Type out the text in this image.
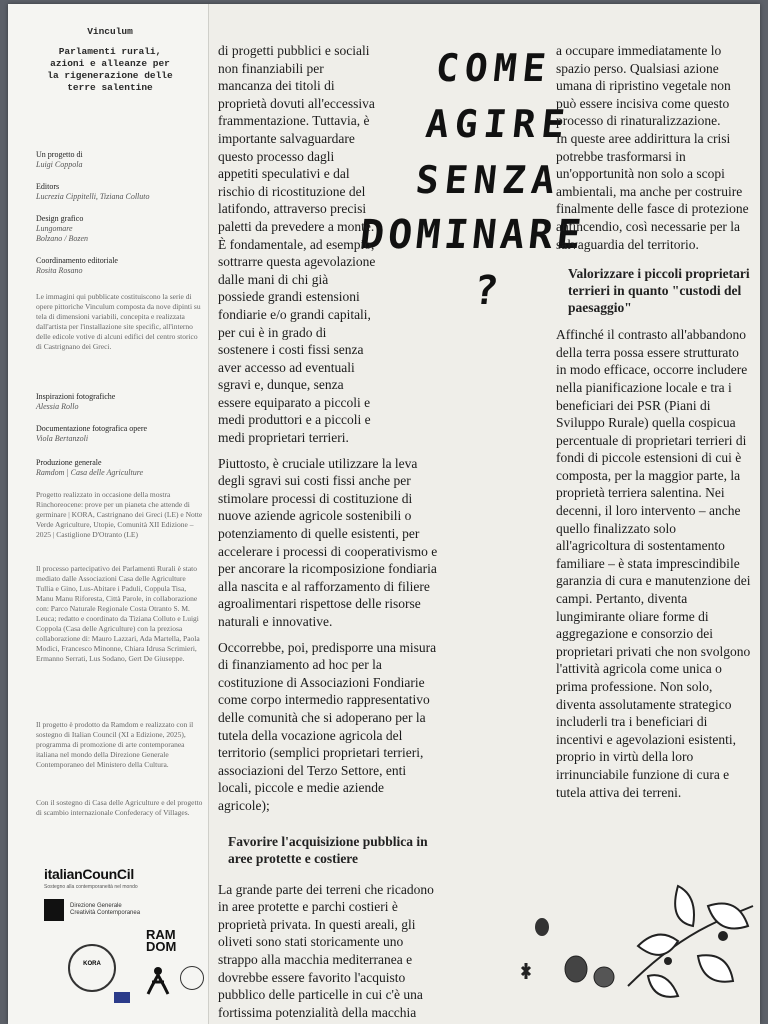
Vinculum
Parlamenti rurali,
azioni e alleanze per
la rigenerazione delle
terre salentine
Un progetto di
Luigi Coppola
Editors
Lucrezia Cippitelli, Tiziana Colluto
Design grafico
Lungomare
Bolzano / Bozen
Coordinamento editoriale
Rosita Rosano
Le immagini qui pubblicate costituiscono la serie di opere pittoriche Vinculum composta da nove dipinti su tela di dimensioni variabili, concepita e realizzata dall'artista per l'installazione site specific, all'interno delle edicole votive di alcuni edifici del centro storico di Castrignano dei Greci.
Inspirazioni fotografiche
Alessia Rollo
Documentazione fotografica opere
Viola Bertanzoli
Produzione generale
Ramdom | Casa delle Agriculture
Progetto realizzato in occasione della mostra Rinchoreocene: prove per un pianeta che attende di germinare | KORA, Castrignano dei Greci (LE) e Notte Verde Agriculture, Utopie, Comunità XII Edizione – 2025 | Castiglione D'Otranto (LE)
Il processo partecipativo dei Parlamenti Rurali è stato mediato dalle Associazioni Casa delle Agriculture Tullia e Gino, Lus-Abitare i Paduli, Coppula Tisa, Manu Manu Riforesta, Città Parole, in collaborazione con: Parco Naturale Regionale Costa Otranto S. M. Leuca; redatto e coordinato da Tiziana Colluto e Luigi Coppola (Casa delle Agriculture) con la preziosa collaborazione di: Mauro Lazzari, Ada Martella, Paola Modici, Francesco Minonne, Chiara Idrusa Scrimieri, Ermanno Serrati, Lus Sodano, Gert De Giuseppe.
Il progetto è prodotto da Ramdom e realizzato con il sostegno di Italian Council (XI a Edizione, 2025), programma di promozione di arte contemporanea italiana nel mondo della Direzione Generale Contemporaneo del Ministero della Cultura.
Con il sostegno di Casa delle Agriculture e del progetto di scambio internazionale Confederacy of Villages.
italianCounCil
Sostegno alla contemporaneità nel mondo
Direzione Generale
Creatività Contemporanea
RAM
DOM
KORA
COME
AGIRE
SENZA
DOMINARE
?

di progetti pubblici e sociali non finanziabili per mancanza dei titoli di proprietà dovuti all'eccessiva frammentazione. Tuttavia, è importante salvaguardare questo processo dagli appetiti speculativi e dal rischio di ricostituzione del latifondo, attraverso precisi paletti da prevedere a monte.
È fondamentale, ad esempio, sottrarre questa agevolazione dalle mani di chi già possiede grandi estensioni fondiarie e/o grandi capitali, per cui è in grado di sostenere i costi fissi senza aver accesso ad eventuali sgravi e, dunque, senza essere equiparato a piccoli e medi produttori e a piccoli e medi proprietari terrieri.

Piuttosto, è cruciale utilizzare la leva degli sgravi sui costi fissi anche per stimolare processi di costituzione di nuove aziende agricole sostenibili o potenziamento di quelle esistenti, per accelerare i processi di cooperativismo e per ancorare la ricomposizione fondiaria alla nascita e al rafforzamento di filiere agroalimentari rispettose delle risorse naturali e innovative.

Occorrebbe, poi, predisporre una misura di finanziamento ad hoc per la costituzione di Associazioni Fondiarie come corpo intermedio rappresentativo delle comunità che si adoperano per la tutela della vocazione agricola del territorio (semplici proprietari terrieri, associazioni del Terzo Settore, enti locali, piccole e medie aziende agricole);

Favorire l'acquisizione pubblica in aree protette e costiere

La grande parte dei terreni che ricadono in aree protette e parchi costieri è proprietà privata. In questi areali, gli oliveti sono stati storicamente uno strappo alla macchia mediterranea e dovrebbe essere favorito l'acquisto pubblico delle particelle in cui c'è una fortissima potenzialità della macchia

a occupare immediatamente lo spazio perso. Qualsiasi azione umana di ripristino vegetale non può essere incisiva come questo processo di rinaturalizzazione.
In queste aree addirittura la crisi potrebbe trasformarsi in un'opportunità non solo a scopi ambientali, ma anche per costruire finalmente delle fasce di protezione antincendio, così necessarie per la salvaguardia del territorio.

Valorizzare i piccoli proprietari terrieri in quanto "custodi del paesaggio"

Affinché il contrasto all'abbandono della terra possa essere strutturato in modo efficace, occorre includere nella pianificazione locale e tra i beneficiari dei PSR (Piani di Sviluppo Rurale) quella cospicua percentuale di proprietari terrieri di fondi di piccole estensioni di cui è composta, per la maggior parte, la proprietà terriera salentina. Nei decenni, il loro intervento – anche quello finalizzato solo all'agricoltura di sostentamento familiare – è stata imprescindibile garanzia di cura e manutenzione dei campi. Pertanto, diventa lungimirante oliare forme di aggregazione e consorzio dei proprietari privati che non svolgono l'attività agricola come unica o prima professione. Non solo, diventa assolutamente strategico includerli tra i beneficiari di incentivi e agevolazioni esistenti, proprio in virtù della loro irrinunciabile funzione di cura e tutela attiva dei terreni.
